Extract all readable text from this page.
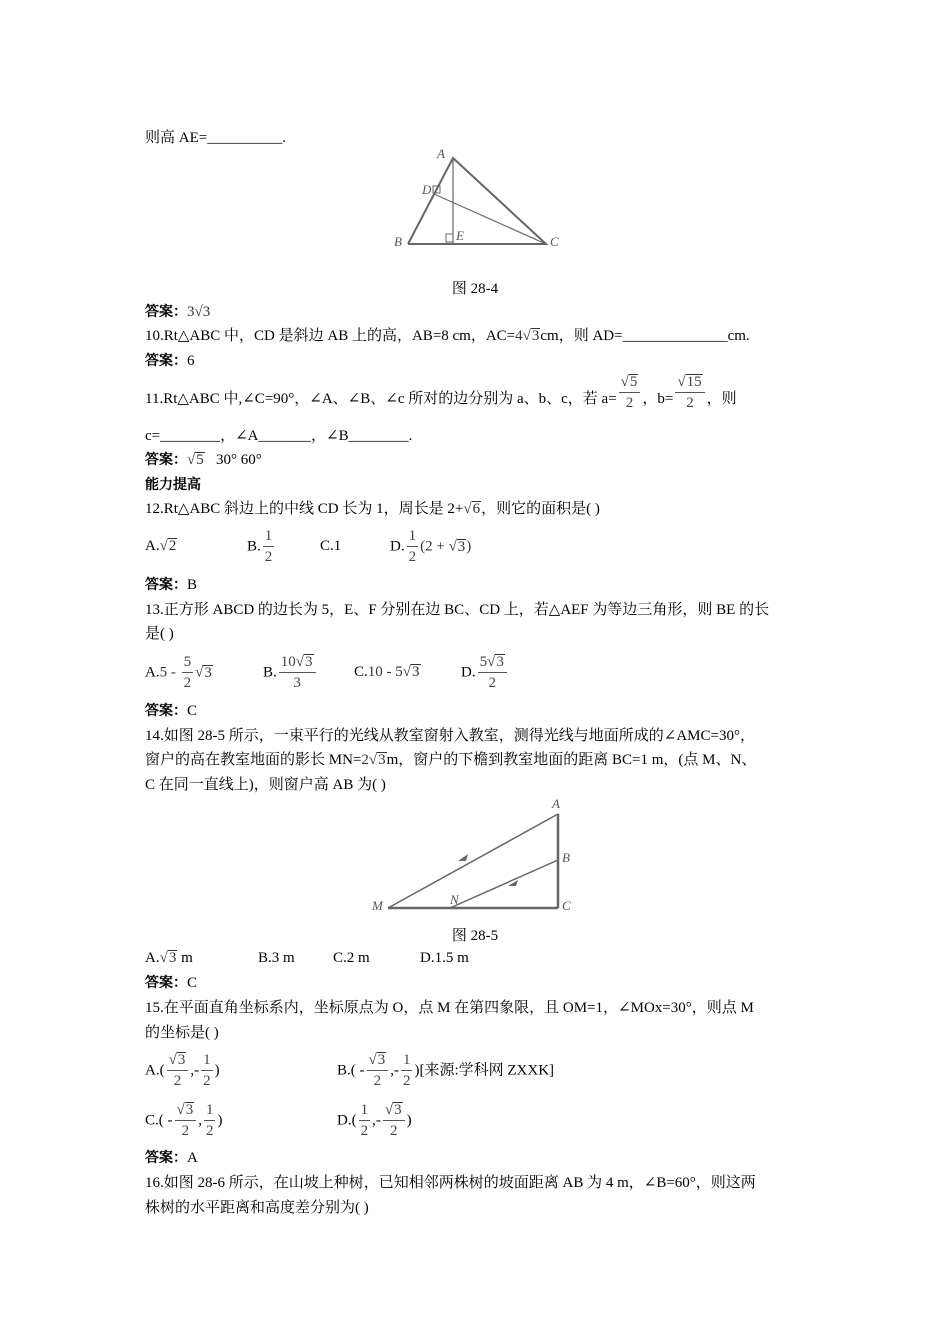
则高 AE=__________.
A
D
E
B	C
图 28-4
答案：3√3
10.Rt△ABC 中，CD 是斜边 AB 上的高，AB=8 cm，AC=4√3cm，则 AD=______________cm.
答案：6
11.Rt△ABC 中,∠C=90°，∠A、∠B、∠c 所对的边分别为 a、b、c，若 $a= \frac{√5}{2}$ ，$b= \frac{√15}{2}$ ，则
c=________，∠A_______，∠B________.
答案：√5 30° 60°
能力提高
12.Rt△ABC 斜边上的中线 CD 长为 1，周长是 2+√6，则它的面积是( )
A.√2	B. $\frac{1}{2}$	C.1	D. $\frac{1}{2} (2 + √3)$
答案：B
13.正方形 ABCD 的边长为 5，E、F 分别在边 BC、CD 上，若△AEF 为等边三角形，则 BE 的长
是( )
$A.5 - \frac{5}{2} √3$	B. $\frac{10√3}{3}$	C.10 - 5√3	D. $\frac{5√3}{2}$
答案：C
14.如图 28-5 所示，一束平行的光线从教室窗射入教室，测得光线与地面所成的∠AMC=30°，
窗户的高在教室地面的影长 MN=2√3m，窗户的下檐到教室地面的距离 BC=1 m，(点 M、N、
C 在同一直线上)，则窗户高 AB 为( )
A
B
C
M	N
图 28-5
A.√3 m	B.3 m	C.2 m	D.1.5 m
答案：C
15.在平面直角坐标系内，坐标原点为 O，点 M 在第四象限，且 OM=1，∠MOx=30°，则点 M
的坐标是( )
$A.( \frac{√3}{2}$ ,- $\frac{1}{2}$ )	$B.( - \frac{√3}{2}$ ,- $\frac{1}{2}$ )[来源:学科网 ZXXK]
$C.( - \frac{√3}{2}$ , $\frac{1}{2}$ )	$D.( \frac{1}{2}$ ,- $\frac{√3}{2}$ )
答案：A
16.如图 28-6 所示，在山坡上种树，已知相邻两株树的坡面距离 AB 为 4 m，∠B=60°，则这两
株树的水平距离和高度差分别为( )
